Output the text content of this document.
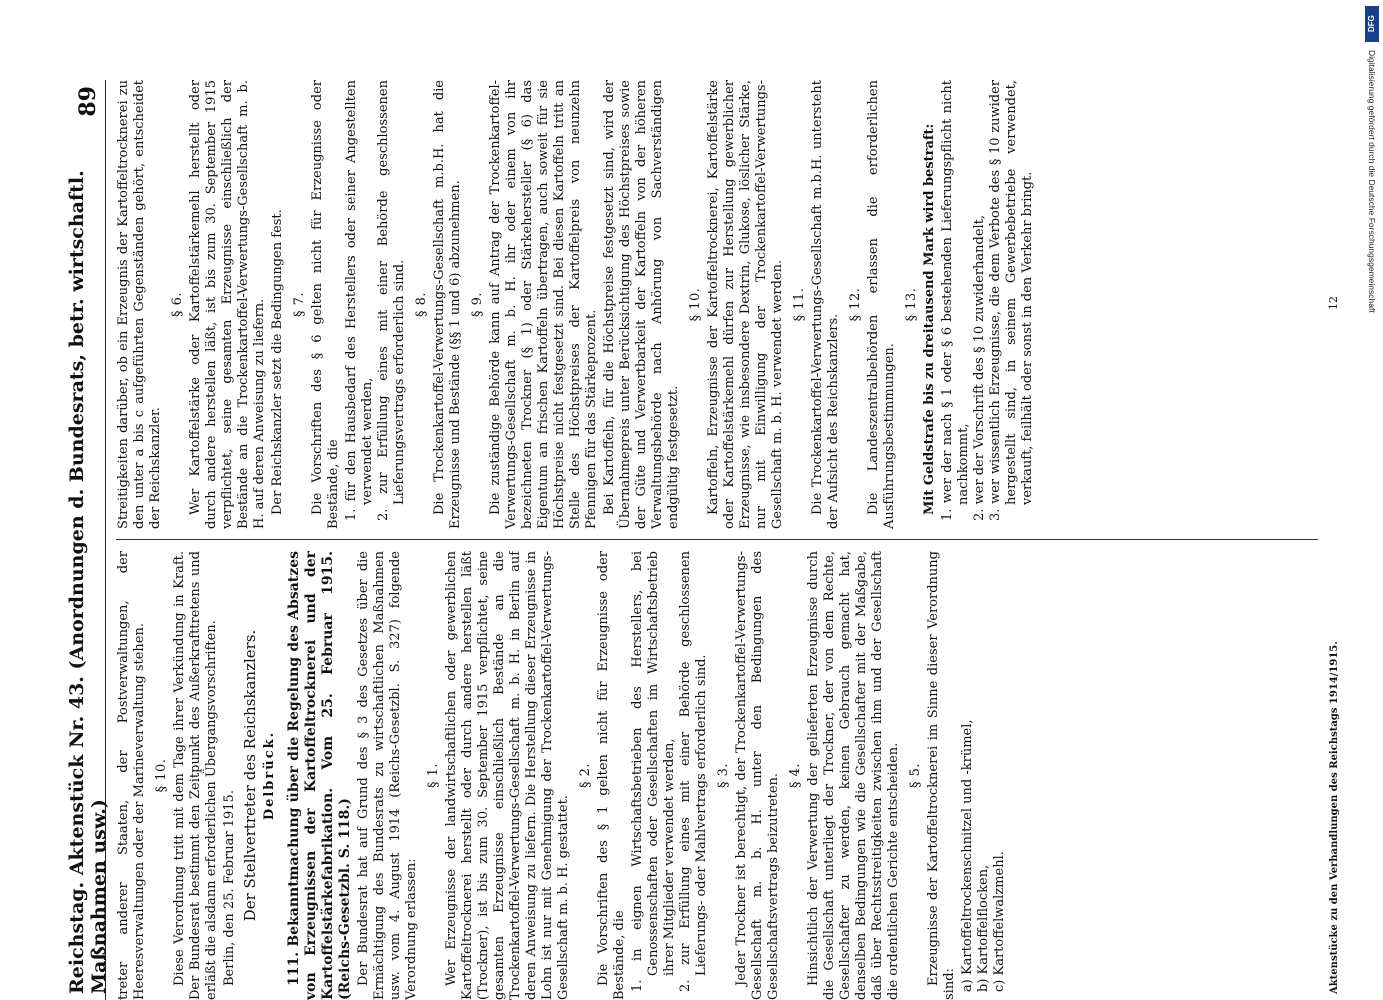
Reichstag. Aktenstück Nr. 43. (Anordnungen d. Bundesrats, betr. wirtschaftl. Maßnahmen usw.)
89

treter anderer Staaten, der Postverwaltungen, der Heeresverwaltungen oder der Marineverwaltung stehen. § 10. Diese Verordnung tritt mit dem Tage ihrer Verkündung in Kraft. Der Bundesrat bestimmt den Zeitpunkt des Außerkrafttretens und erläßt die alsdann erforderlichen Übergangsvorschriften. Berlin, den 25. Februar 1915. Der Stellvertreter des Reichskanzlers. Delbrück. 111. Bekanntmachung über die Regelung des Absatzes von Erzeugnissen der Kartoffeltrocknerei und der Kartoffelstärkefabrikation. Vom 25. Februar 1915. (Reichs-Gesetzbl. S. 118.) Der Bundesrat hat auf Grund des § 3 des Gesetzes über die Ermächtigung des Bundesrats zu wirtschaftlichen Maßnahmen usw. vom 4. August 1914 (Reichs-Gesetzbl. S. 327) folgende Verordnung erlassen:

§ 1. Wer Erzeugnisse der landwirtschaftlichen oder gewerblichen Kartoffeltrocknerei herstellt oder durch andere herstellen läßt (Trockner), ist bis zum 30. September 1915 verpflichtet, seine gesamten Erzeugnisse einschließlich Bestände an die Trockenkartoffel-Verwertungs-Gesellschaft m. b. H. in Berlin auf deren Anweisung zu liefern. Die Herstellung dieser Erzeugnisse in Lohn ist nur mit Genehmigung der Trockenkartoffel-Verwertungs-Gesellschaft m. b. H. gestattet.

§ 2. Die Vorschriften des § 1 gelten nicht für Erzeugnisse oder Bestände, die 1. in eignen Wirtschaftsbetrieben des Herstellers, bei Genossenschaften oder Gesellschaften im Wirtschaftsbetrieb ihrer Mitglieder verwendet werden, 2. zur Erfüllung eines mit einer Behörde geschlossenen Lieferungs- oder Mahlvertrags erforderlich sind. § 3. Jeder Trockner ist berechtigt, der Trockenkartoffel-Verwertungs-Gesellschaft m. b. H. unter den Bedingungen des Gesellschaftsvertrags beizutreten. § 4. Hinsichtlich der Verwertung der gelieferten Erzeugnisse durch die Gesellschaft unterliegt der Trockner, der von dem Rechte, Gesellschafter zu werden, keinen Gebrauch gemacht hat, denselben Bedingungen wie die Gesellschafter mit der Maßgabe, daß über Rechtsstreitigkeiten zwischen ihm und der Gesellschaft die ordentlichen Gerichte entscheiden. § 5. Erzeugnisse der Kartoffeltrocknerei im Sinne dieser Verordnung sind: a) Kartoffeltrockenschnitzel und -krümel, b) Kartoffelflocken, c) Kartoffelwalzmehl.

Streitigkeiten darüber, ob ein Erzeugnis der Kartoffeltrocknerei zu den unter a bis c aufgeführten Gegenständen gehört, entscheidet der Reichskanzler.

§ 6. Wer Kartoffelstärke oder Kartoffelstärkemehl herstellt oder durch andere herstellen läßt, ist bis zum 30. September 1915 verpflichtet, seine gesamten Erzeugnisse einschließlich der Bestände an die Trockenkartoffel-Verwertungs-Gesellschaft m. b. H. auf deren Anweisung zu liefern. Der Reichskanzler setzt die Bedingungen fest. § 7. Die Vorschriften des § 6 gelten nicht für Erzeugnisse oder Bestände, die 1. für den Hausbedarf des Herstellers oder seiner Angestellten verwendet werden, 2. zur Erfüllung eines mit einer Behörde geschlossenen Lieferungsvertrags erforderlich sind. § 8. Die Trockenkartoffel-Verwertungs-Gesellschaft m.b.H. hat die Erzeugnisse und Bestände (§§ 1 und 6) abzunehmen. § 9. Die zuständige Behörde kann auf Antrag der Trockenkartoffel-Verwertungs-Gesellschaft m. b. H. ihr oder einem von ihr bezeichneten Trockner (§ 1) oder Stärkehersteller (§ 6) das Eigentum an frischen Kartoffeln übertragen, auch soweit für sie Höchstpreise nicht festgesetzt sind. Bei diesen Kartoffeln tritt an Stelle des Höchstpreises der Kartoffelpreis von neunzehn Pfennigen für das Stärkeprozent. Bei Kartoffeln, für die Höchstpreise festgesetzt sind, wird der Übernahmepreis unter Berücksichtigung des Höchstpreises sowie der Güte und Verwertbarkeit der Kartoffeln von der höheren Verwaltungsbehörde nach Anhörung von Sachverständigen endgültig festgesetzt.

§ 10. Kartoffeln, Erzeugnisse der Kartoffeltrocknerei, Kartoffelstärke oder Kartoffelstärkemehl dürfen zur Herstellung gewerblicher Erzeugnisse, wie insbesondere Dextrin, Glukose, löslicher Stärke, nur mit Einwilligung der Trockenkartoffel-Verwertungs-Gesellschaft m. b. H. verwendet werden. § 11. Die Trockenkartoffel-Verwertungs-Gesellschaft m.b.H. untersteht der Aufsicht des Reichskanzlers.

§ 12. Die Landeszentralbehörden erlassen die erforderlichen Ausführungsbestimmungen.

§ 13. Mit Geldstrafe bis zu dreitausend Mark wird bestraft: 1. wer der nach § 1 oder § 6 bestehenden Lieferungspflicht nicht nachkommt, 2. wer der Vorschrift des § 10 zuwiderhandelt, 3. wer wissentlich Erzeugnisse, die dem Verbote des § 10 zuwider hergestellt sind, in seinem Gewerbebetriebe verwendet, verkauft, feilhält oder sonst in den Verkehr bringt.
Aktenstücke zu den Verhandlungen des Reichstags 1914/1915.
12
DFG
Digitalisierung gefördert durch die Deutsche Forschungsgemeinschaft
